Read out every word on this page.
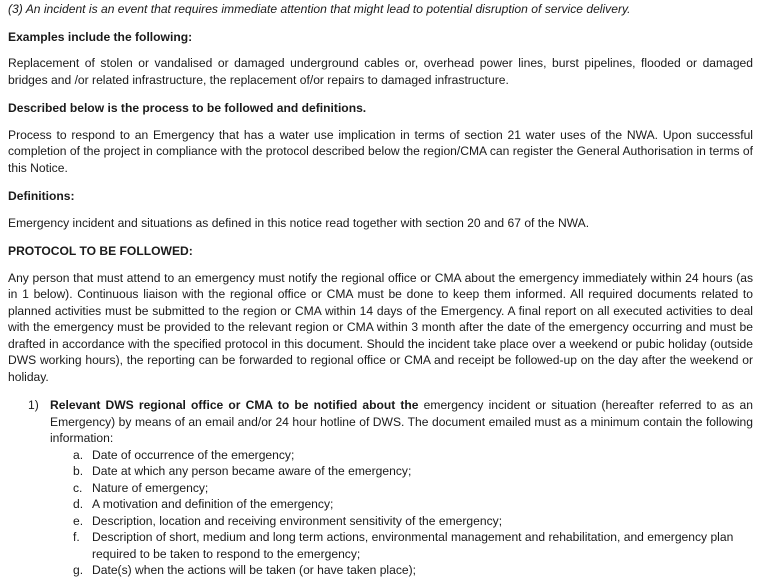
(3) An incident is an event that requires immediate attention that might lead to potential disruption of service delivery.

Examples include the following:

Replacement of stolen or vandalised or damaged underground cables or, overhead power lines, burst pipelines, flooded or damaged bridges and /or related infrastructure, the replacement of/or repairs to damaged infrastructure.

Described below is the process to be followed and definitions.

Process to respond to an Emergency that has a water use implication in terms of section 21 water uses of the NWA. Upon successful completion of the project in compliance with the protocol described below the region/CMA can register the General Authorisation in terms of this Notice.

Definitions:

Emergency incident and situations as defined in this notice read together with section 20 and 67 of the NWA.

PROTOCOL TO BE FOLLOWED:

Any person that must attend to an emergency must notify the regional office or CMA about the emergency immediately within 24 hours (as in 1 below). Continuous liaison with the regional office or CMA must be done to keep them informed. All required documents related to planned activities must be submitted to the region or CMA within 14 days of the Emergency. A final report on all executed activities to deal with the emergency must be provided to the relevant region or CMA within 3 month after the date of the emergency occurring and must be drafted in accordance with the specified protocol in this document. Should the incident take place over a weekend or pubic holiday (outside DWS working hours), the reporting can be forwarded to regional office or CMA and receipt be followed-up on the day after the weekend or holiday.

1) Relevant DWS regional office or CMA to be notified about the emergency incident or situation (hereafter referred to as an Emergency) by means of an email and/or 24 hour hotline of DWS. The document emailed must as a minimum contain the following information:

a. Date of occurrence of the emergency;
b. Date at which any person became aware of the emergency;
c. Nature of emergency;
d. A motivation and definition of the emergency;
e. Description, location and receiving environment sensitivity of the emergency;
f. Description of short, medium and long term actions, environmental management and rehabilitation, and emergency plan required to be taken to respond to the emergency;
g. Date(s) when the actions will be taken (or have taken place);
